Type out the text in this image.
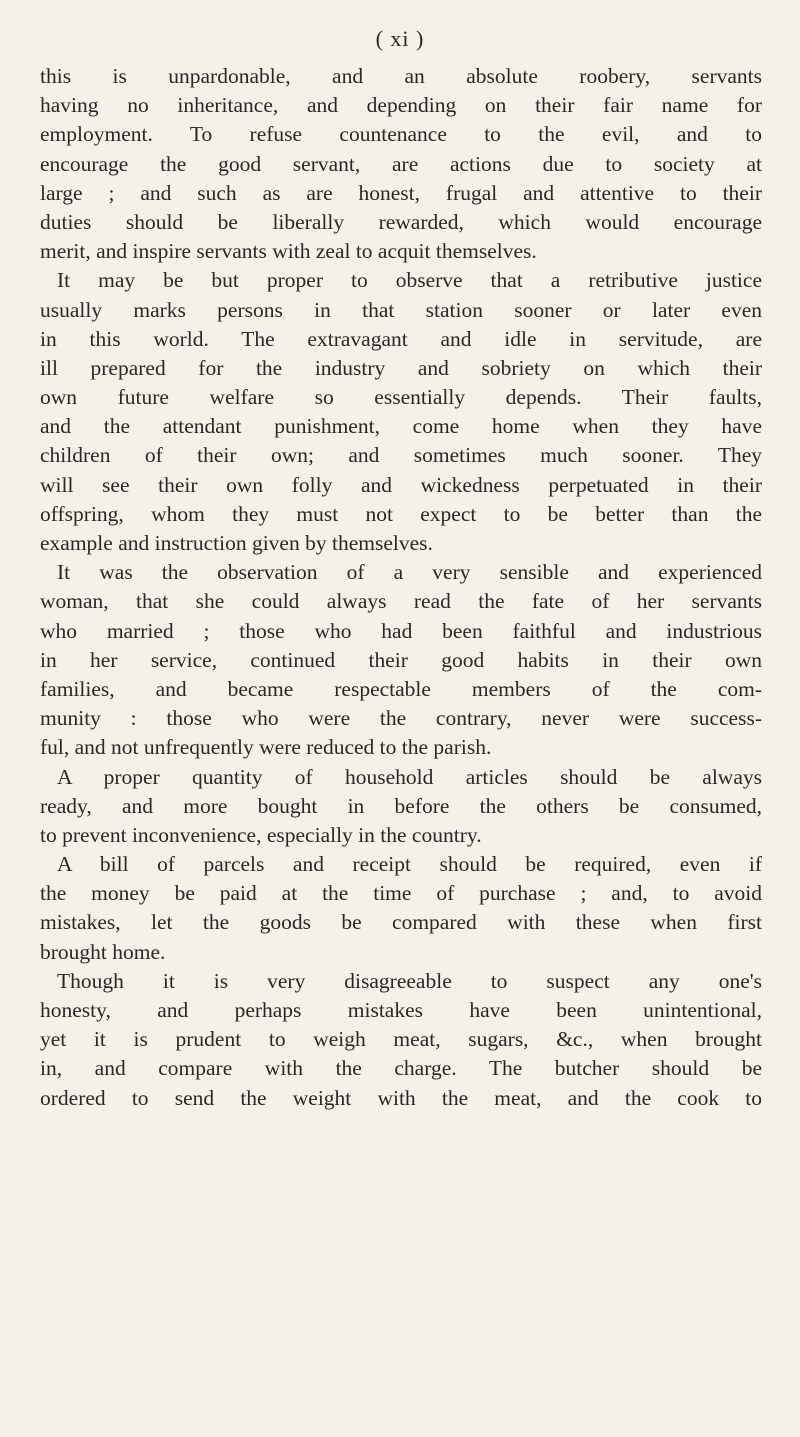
( xi )
this is unpardonable, and an absolute roobery, servants
having no inheritance, and depending on their fair name for
employment. To refuse countenance to the evil, and to
encourage the good servant, are actions due to society at
large ; and such as are honest, frugal and attentive to their
duties should be liberally rewarded, which would encourage
merit, and inspire servants with zeal to acquit themselves.
It may be but proper to observe that a retributive justice
usually marks persons in that station sooner or later even
in this world. The extravagant and idle in servitude, are
ill prepared for the industry and sobriety on which their
own future welfare so essentially depends. Their faults,
and the attendant punishment, come home when they have
children of their own; and sometimes much sooner. They
will see their own folly and wickedness perpetuated in their
offspring, whom they must not expect to be better than the
example and instruction given by themselves.
It was the observation of a very sensible and experienced
woman, that she could always read the fate of her servants
who married ; those who had been faithful and industrious
in her service, continued their good habits in their own
families, and became respectable members of the com-
munity : those who were the contrary, never were success-
ful, and not unfrequently were reduced to the parish.
A proper quantity of household articles should be always
ready, and more bought in before the others be consumed,
to prevent inconvenience, especially in the country.
A bill of parcels and receipt should be required, even if
the money be paid at the time of purchase ; and, to avoid
mistakes, let the goods be compared with these when first
brought home.
Though it is very disagreeable to suspect any one's
honesty, and perhaps mistakes have been unintentional,
yet it is prudent to weigh meat, sugars, &c., when brought
in, and compare with the charge. The butcher should be
ordered to send the weight with the meat, and the cook to
